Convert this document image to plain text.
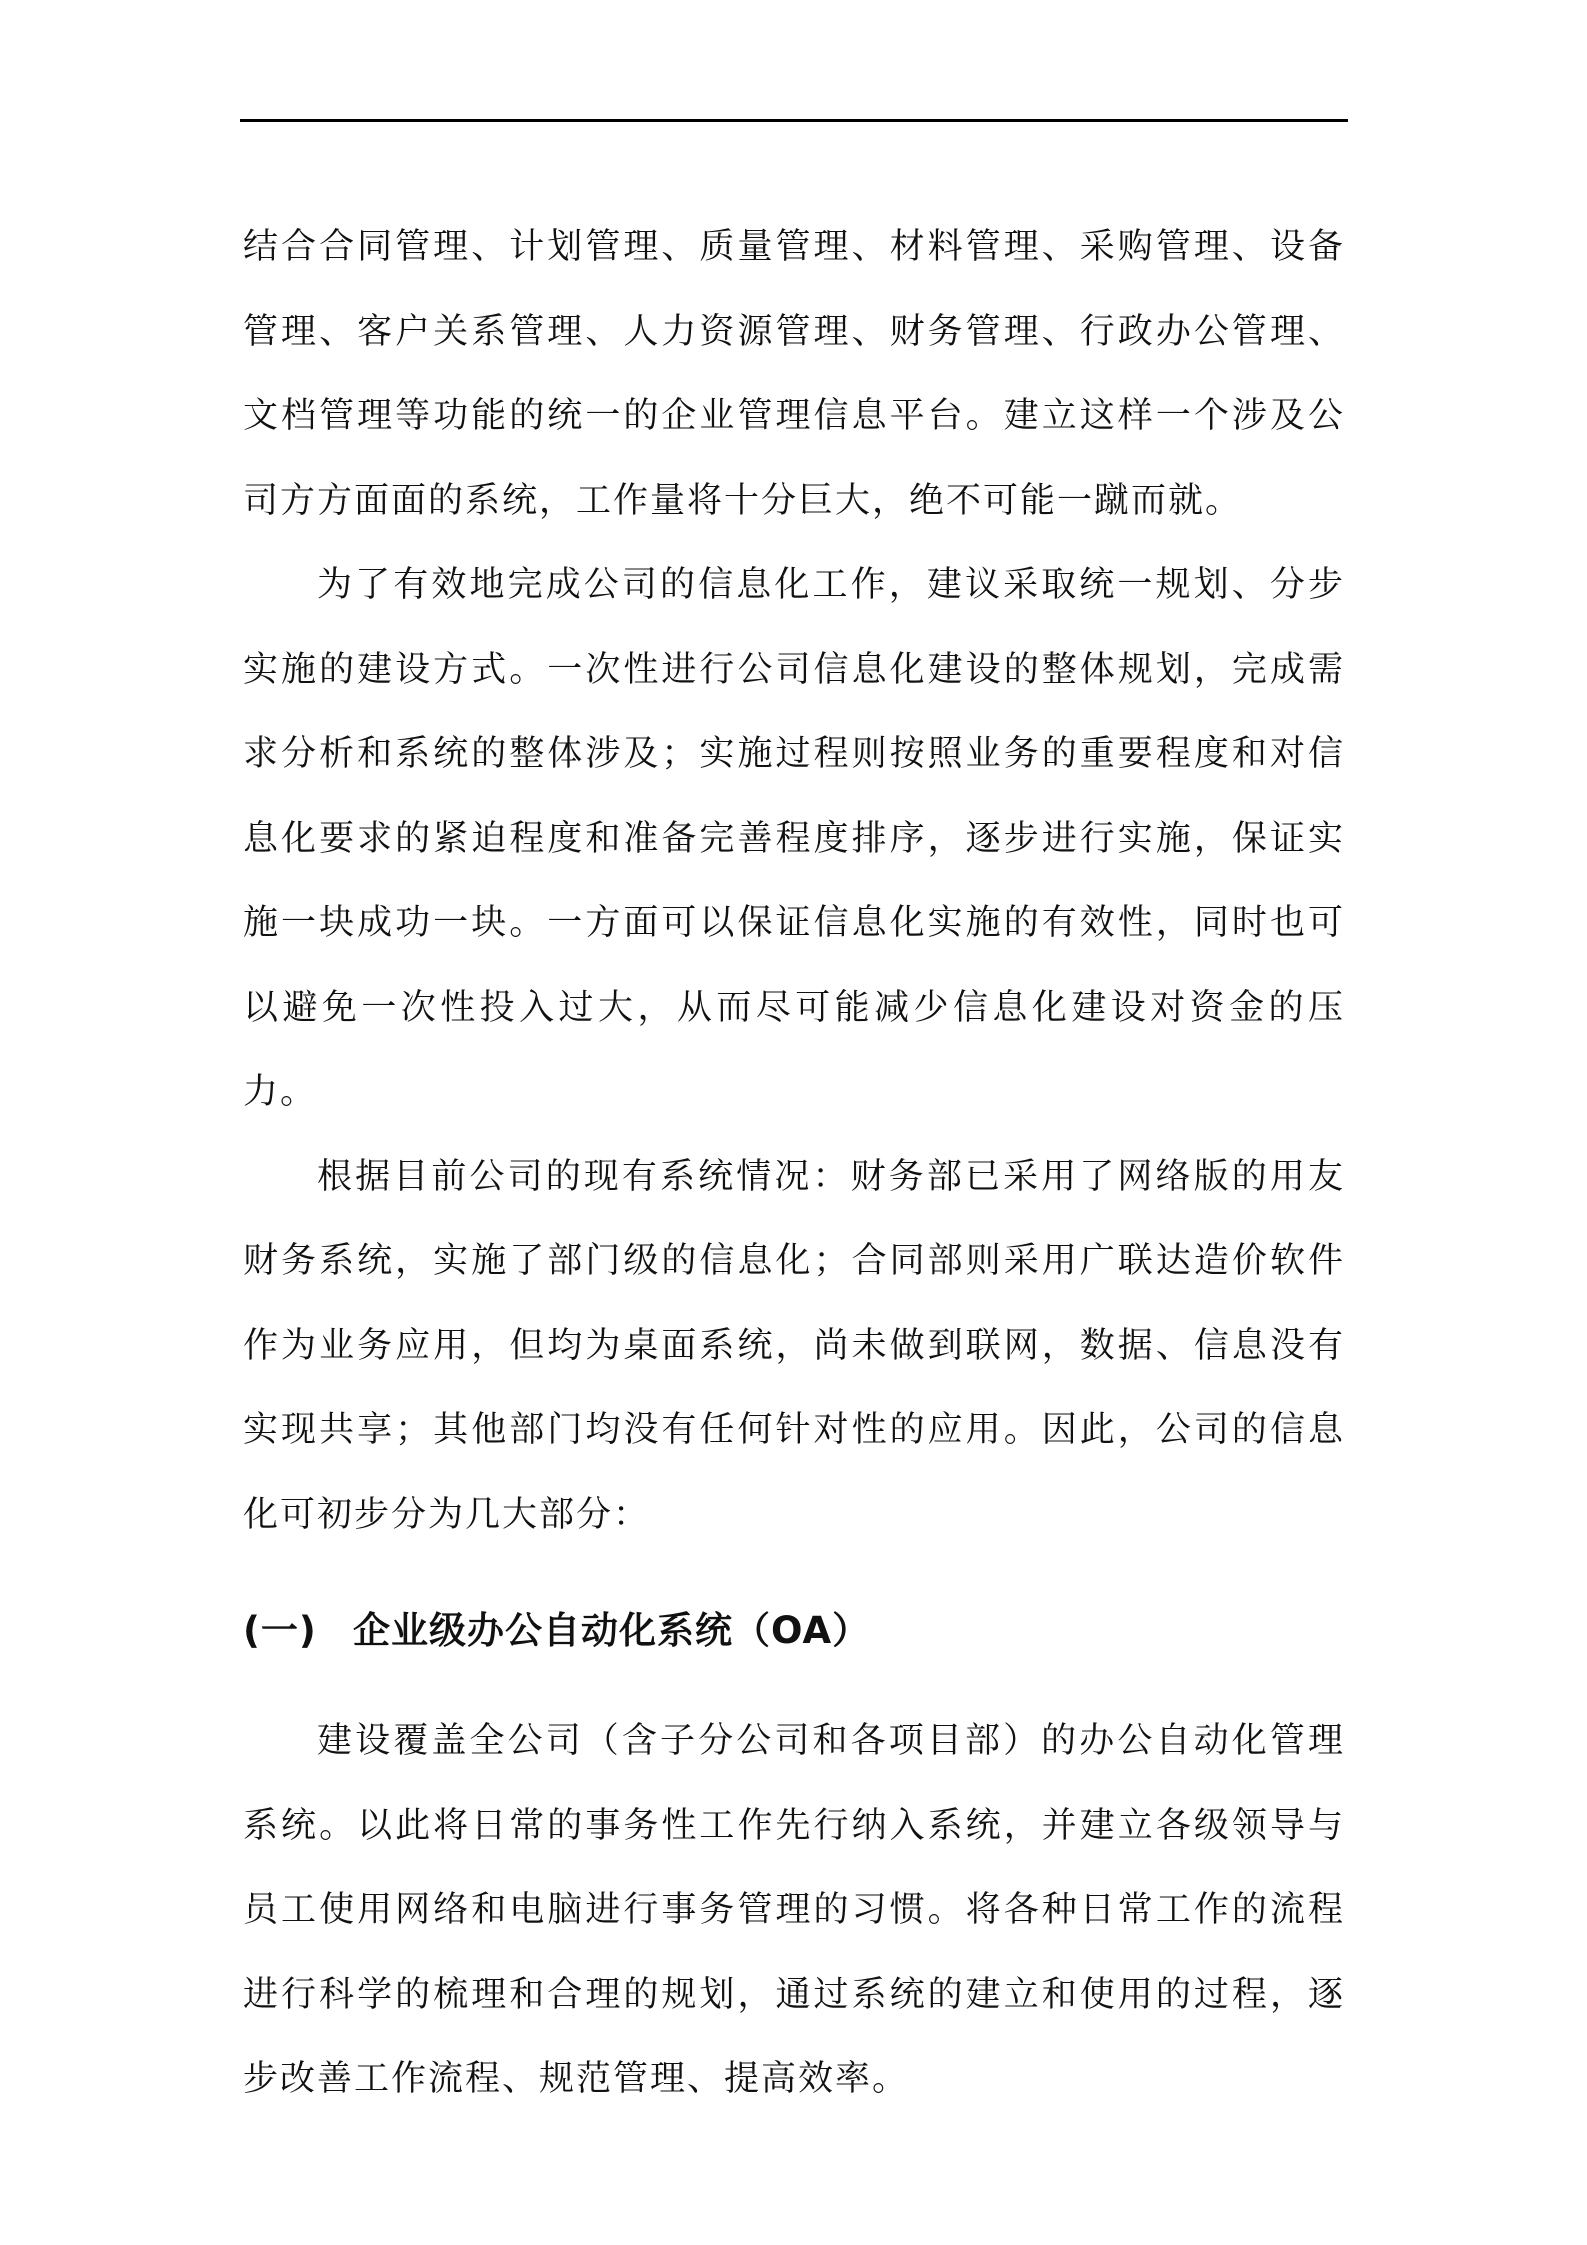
结合合同管理、计划管理、质量管理、材料管理、采购管理、设备管理、客户关系管理、人力资源管理、财务管理、行政办公管理、文档管理等功能的统一的企业管理信息平台。建立这样一个涉及公司方方面面的系统，工作量将十分巨大，绝不可能一蹴而就。

为了有效地完成公司的信息化工作，建议采取统一规划、分步实施的建设方式。一次性进行公司信息化建设的整体规划，完成需求分析和系统的整体涉及；实施过程则按照业务的重要程度和对信息化要求的紧迫程度和准备完善程度排序，逐步进行实施，保证实施一块成功一块。一方面可以保证信息化实施的有效性，同时也可以避免一次性投入过大，从而尽可能减少信息化建设对资金的压力。

根据目前公司的现有系统情况：财务部已采用了网络版的用友财务系统，实施了部门级的信息化；合同部则采用广联达造价软件作为业务应用，但均为桌面系统，尚未做到联网，数据、信息没有实现共享；其他部门均没有任何针对性的应用。因此，公司的信息化可初步分为几大部分：

(一) 企业级办公自动化系统（OA）

建设覆盖全公司（含子分公司和各项目部）的办公自动化管理系统。以此将日常的事务性工作先行纳入系统，并建立各级领导与员工使用网络和电脑进行事务管理的习惯。将各种日常工作的流程进行科学的梳理和合理的规划，通过系统的建立和使用的过程，逐步改善工作流程、规范管理、提高效率。
